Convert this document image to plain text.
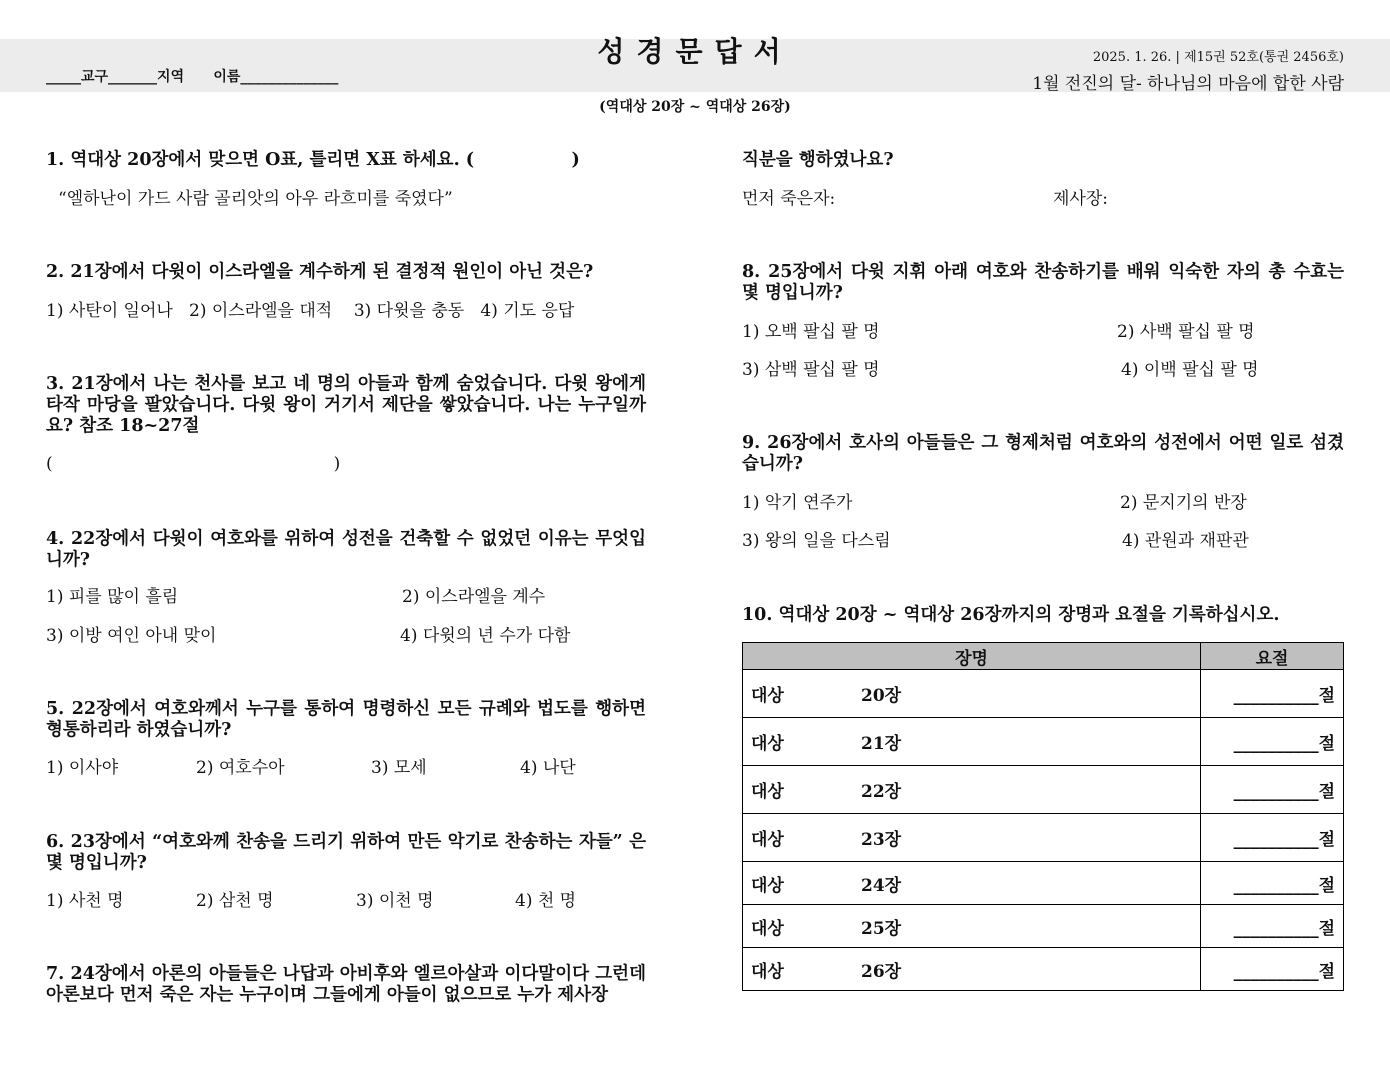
성경문답서
_____교구_______지역      이름______________
2025. 1. 26. | 제15권 52호(통권 2456호)
1월 전진의 달- 하나님의 마음에 합한 사람
(역대상 20장 ~ 역대상 26장)
1. 역대상 20장에서 맞으면 O표, 틀리면 X표 하세요. (                )
“엘하난이 가드 사람 골리앗의 아우 라흐미를 죽였다”
2. 21장에서 다윗이 이스라엘을 계수하게 된 결정적 원인이 아닌 것은?
1) 사탄이 일어나   2) 이스라엘을 대적    3) 다윗을 충동   4) 기도 응답
3. 21장에서 나는 천사를 보고 네 명의 아들과 함께 숨었습니다. 다윗 왕에게 타작 마당을 팔았습니다. 다윗 왕이 거기서 제단을 쌓았습니다. 나는 누구일까요? 참조 18~27절
(                                                    )
4. 22장에서 다윗이 여호와를 위하여 성전을 건축할 수 없었던 이유는 무엇입니까?
1) 피를 많이 흘림	2) 이스라엘을 계수
3) 이방 여인 아내 맞이	4) 다윗의 년 수가 다함
5. 22장에서 여호와께서 누구를 통하여 명령하신 모든 규례와 법도를 행하면 형통하리라 하였습니까?
1) 이사야	2) 여호수아	3) 모세	4) 나단
6. 23장에서 “여호와께 찬송을 드리기 위하여 만든 악기로 찬송하는 자들” 은 몇 명입니까?
1) 사천 명	2) 삼천 명	3) 이천 명	4) 천 명
7. 24장에서 아론의 아들들은 나답과 아비후와 엘르아살과 이다말이다 그런데 아론보다 먼저 죽은 자는 누구이며 그들에게 아들이 없으므로 누가 제사장
직분을 행하였나요?
먼저 죽은자:	제사장:
8. 25장에서 다윗 지휘 아래 여호와 찬송하기를 배워 익숙한 자의 총 수효는 몇 명입니까?
1) 오백 팔십 팔 명	2) 사백 팔십 팔 명
3) 삼백 팔십 팔 명	4) 이백 팔십 팔 명
9. 26장에서 호사의 아들들은 그 형제처럼 여호와의 성전에서 어떤 일로 섬겼습니까?
1) 악기 연주가	2) 문지기의 반장
3) 왕의 일을 다스림	4) 관원과 재판관
10. 역대상 20장 ~ 역대상 26장까지의 장명과 요절을 기록하십시오.
장명	요절
대상 20장	__________절
대상 21장	__________절
대상 22장	__________절
대상 23장	__________절
대상 24장	__________절
대상 25장	__________절
대상 26장	__________절
